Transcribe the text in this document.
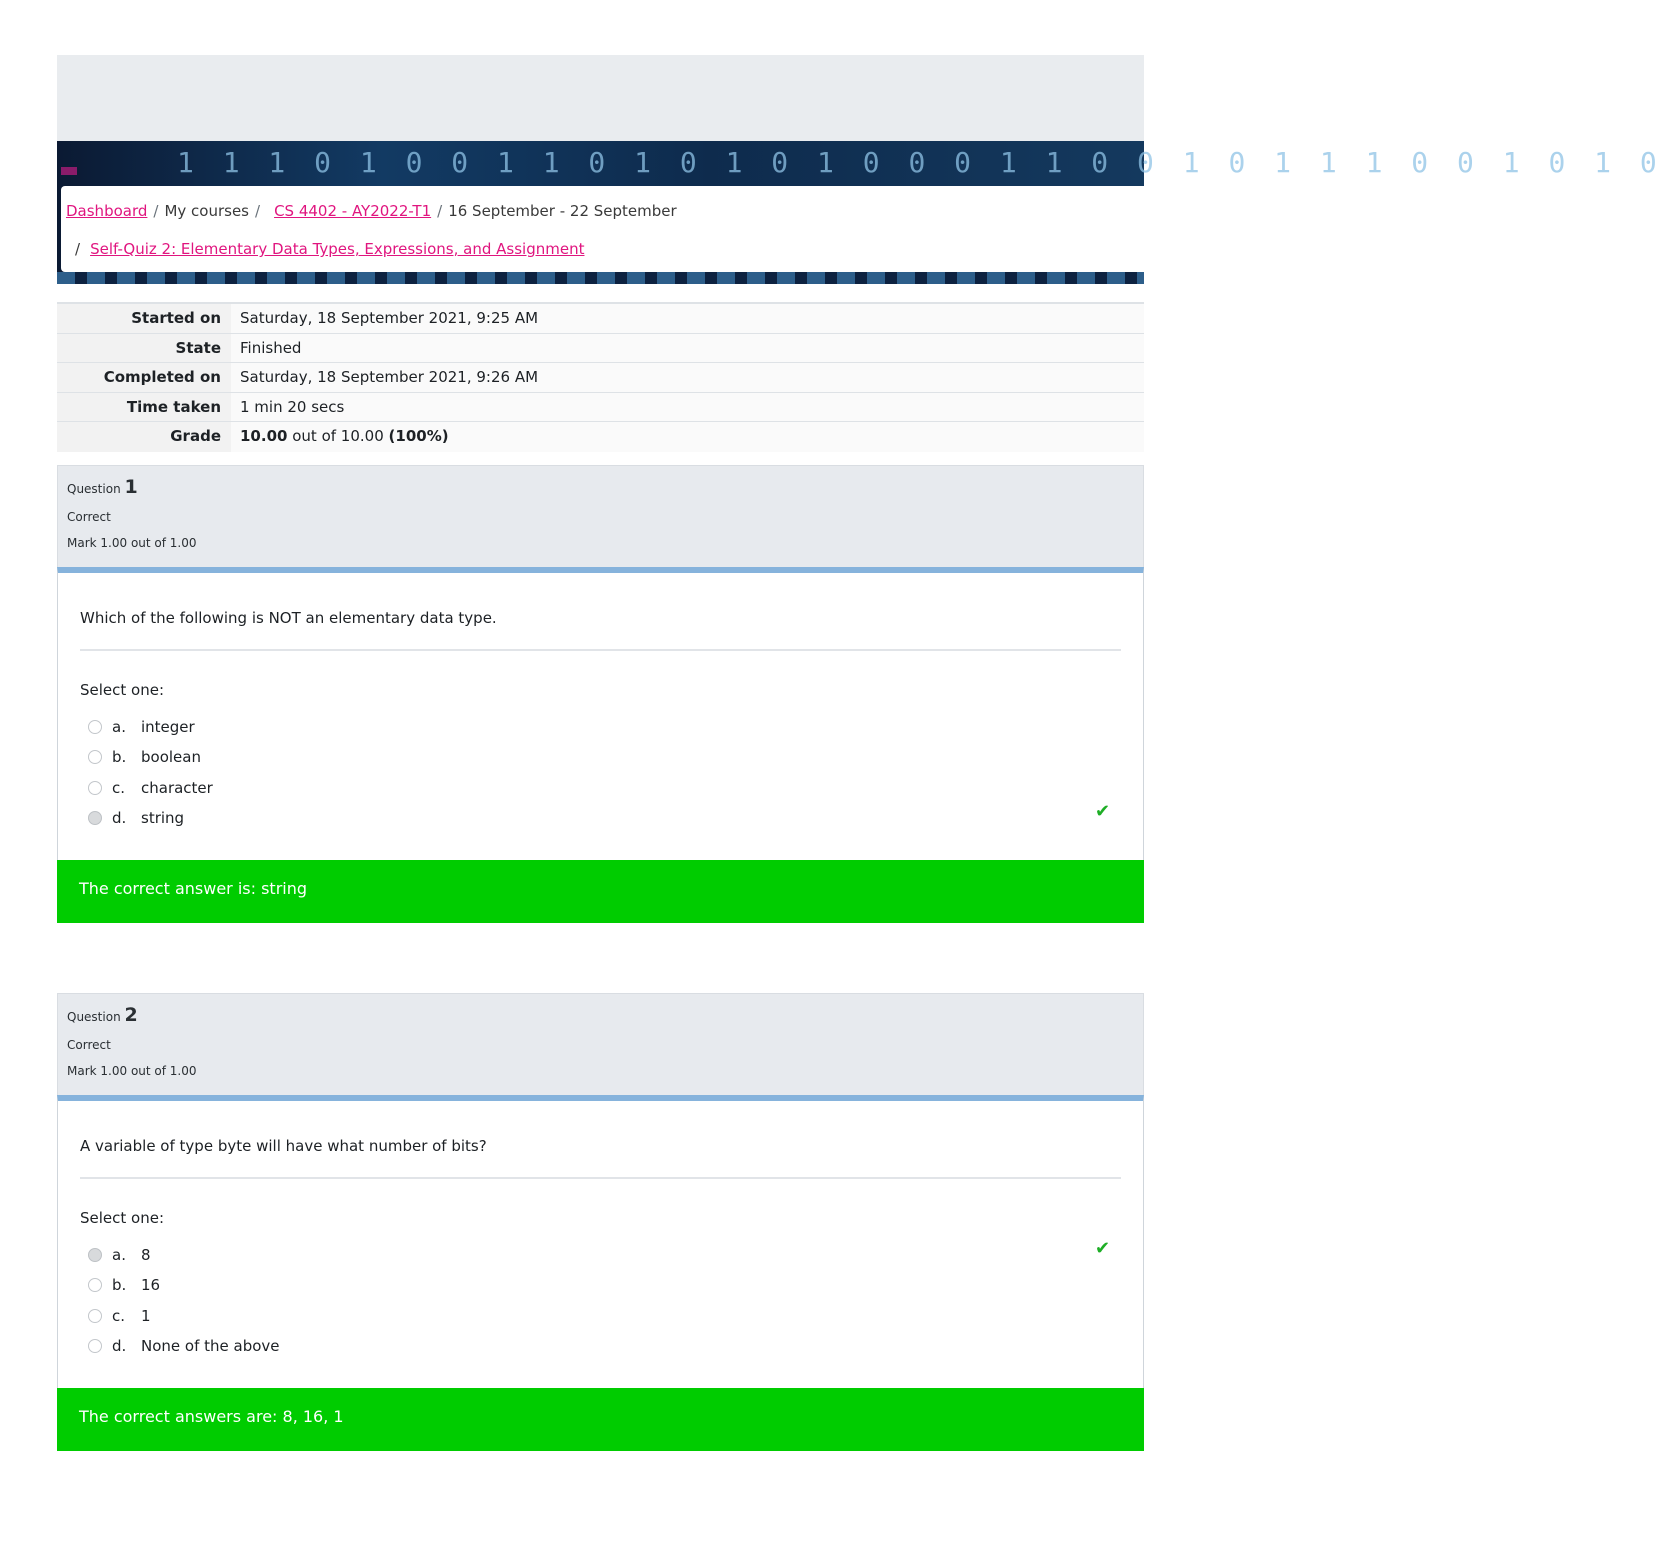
1 1 1 0 1 0 0 1 1 0 1 0 1 0 1 0 0 0 1 1 0 0 1 0 1 1 1 0 0 1 0 1 0
Dashboard / My courses / CS 4402 - AY2022-T1 / 16 September - 22 September
/ Self-Quiz 2: Elementary Data Types, Expressions, and Assignment
Started on	Saturday, 18 September 2021, 9:25 AM
State	Finished
Completed on	Saturday, 18 September 2021, 9:26 AM
Time taken	1 min 20 secs
Grade	10.00 out of 10.00 (100%)
Question 1
Correct
Mark 1.00 out of 1.00
Which of the following is NOT an elementary data type.
Select one:
a.	integer
b. boolean
c.	character
d. string	✔
The correct answer is: string
Question 2
Correct
Mark 1.00 out of 1.00
A variable of type byte will have what number of bits?
Select one:
a.	8
b. 16
c.	1
d. None of the above
✔
The correct answers are: 8, 16, 1
